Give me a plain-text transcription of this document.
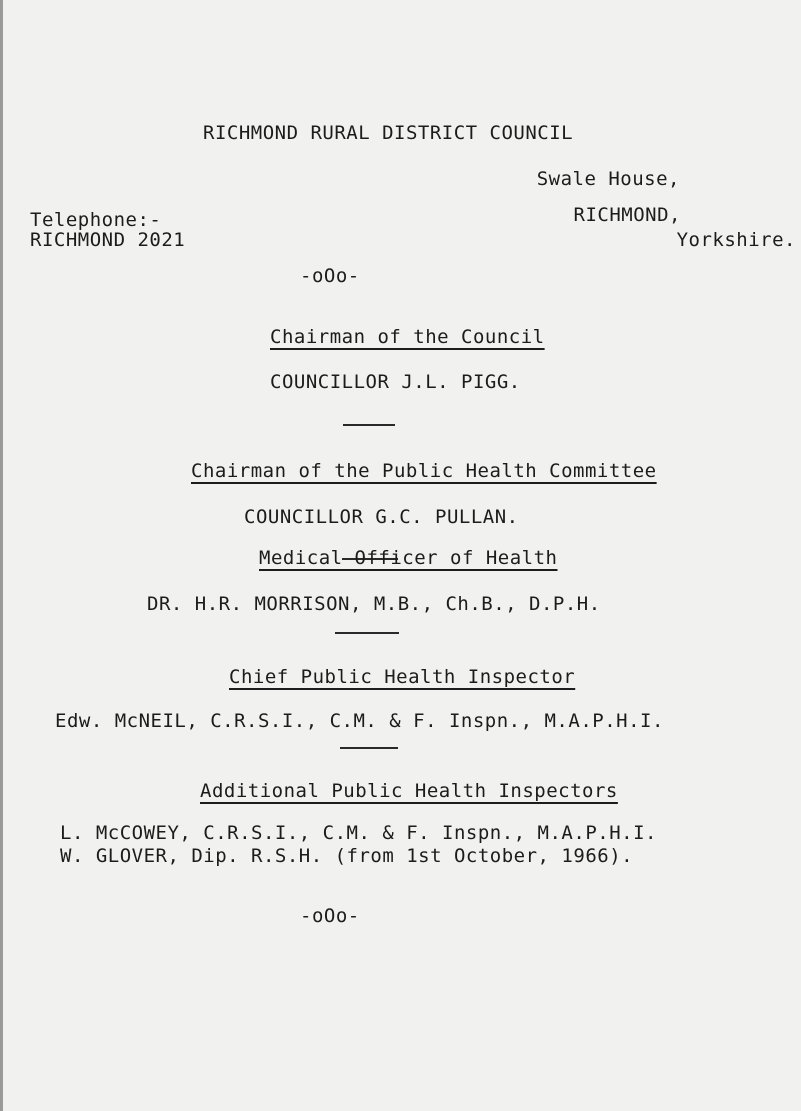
RICHMOND RURAL DISTRICT COUNCIL
Swale House,
RICHMOND,
Yorkshire.
Telephone:-
RICHMOND 2021
-oOo-
Chairman of the Council
COUNCILLOR J.L. PIGG.
Chairman of the Public Health Committee
COUNCILLOR G.C. PULLAN.
Medical Officer of Health
DR. H.R. MORRISON, M.B., Ch.B., D.P.H.
Chief Public Health Inspector
Edw. McNEIL, C.R.S.I., C.M. & F. Inspn., M.A.P.H.I.
Additional Public Health Inspectors
L. McCOWEY, C.R.S.I., C.M. & F. Inspn., M.A.P.H.I.
W. GLOVER, Dip. R.S.H. (from 1st October, 1966).
-oOo-
